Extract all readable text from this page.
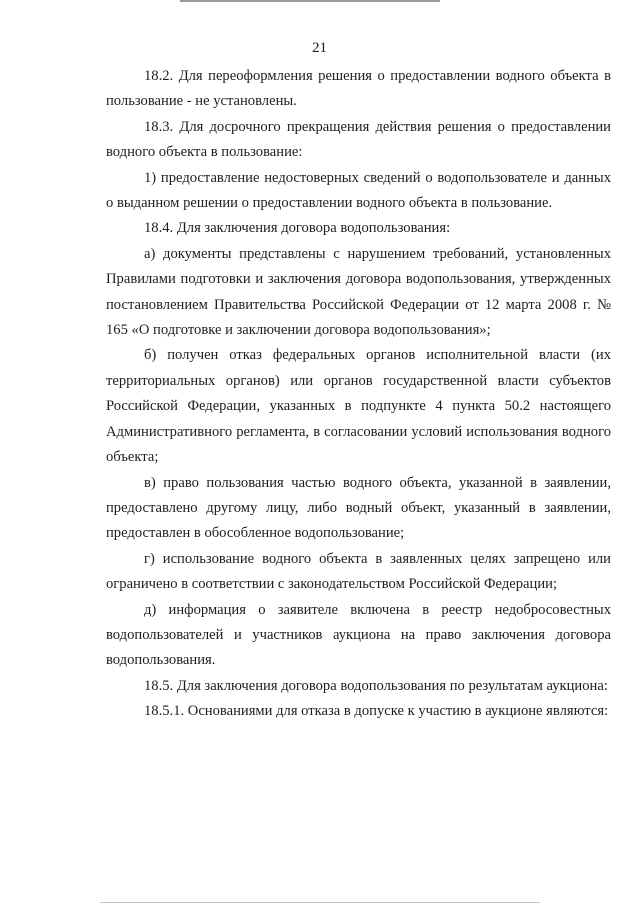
21

18.2. Для переоформления решения о предоставлении водного объекта в пользование - не установлены.

18.3. Для досрочного прекращения действия решения о предоставлении водного объекта в пользование:

1) предоставление недостоверных сведений о водопользователе и данных о выданном решении о предоставлении водного объекта в пользование.

18.4. Для заключения договора водопользования:

а) документы представлены с нарушением требований, установленных Правилами подготовки и заключения договора водопользования, утвержденных постановлением Правительства Российской Федерации от 12 марта 2008 г. № 165 «О подготовке и заключении договора водопользования»;

б) получен отказ федеральных органов исполнительной власти (их территориальных органов) или органов государственной власти субъектов Российской Федерации, указанных в подпункте 4 пункта 50.2 настоящего Административного регламента, в согласовании условий использования водного объекта;

в) право пользования частью водного объекта, указанной в заявлении, предоставлено другому лицу, либо водный объект, указанный в заявлении, предоставлен в обособленное водопользование;

г) использование водного объекта в заявленных целях запрещено или ограничено в соответствии с законодательством Российской Федерации;

д) информация о заявителе включена в реестр недобросовестных водопользователей и участников аукциона на право заключения договора водопользования.

18.5. Для заключения договора водопользования по результатам аукциона:

18.5.1. Основаниями для отказа в допуске к участию в аукционе являются:
